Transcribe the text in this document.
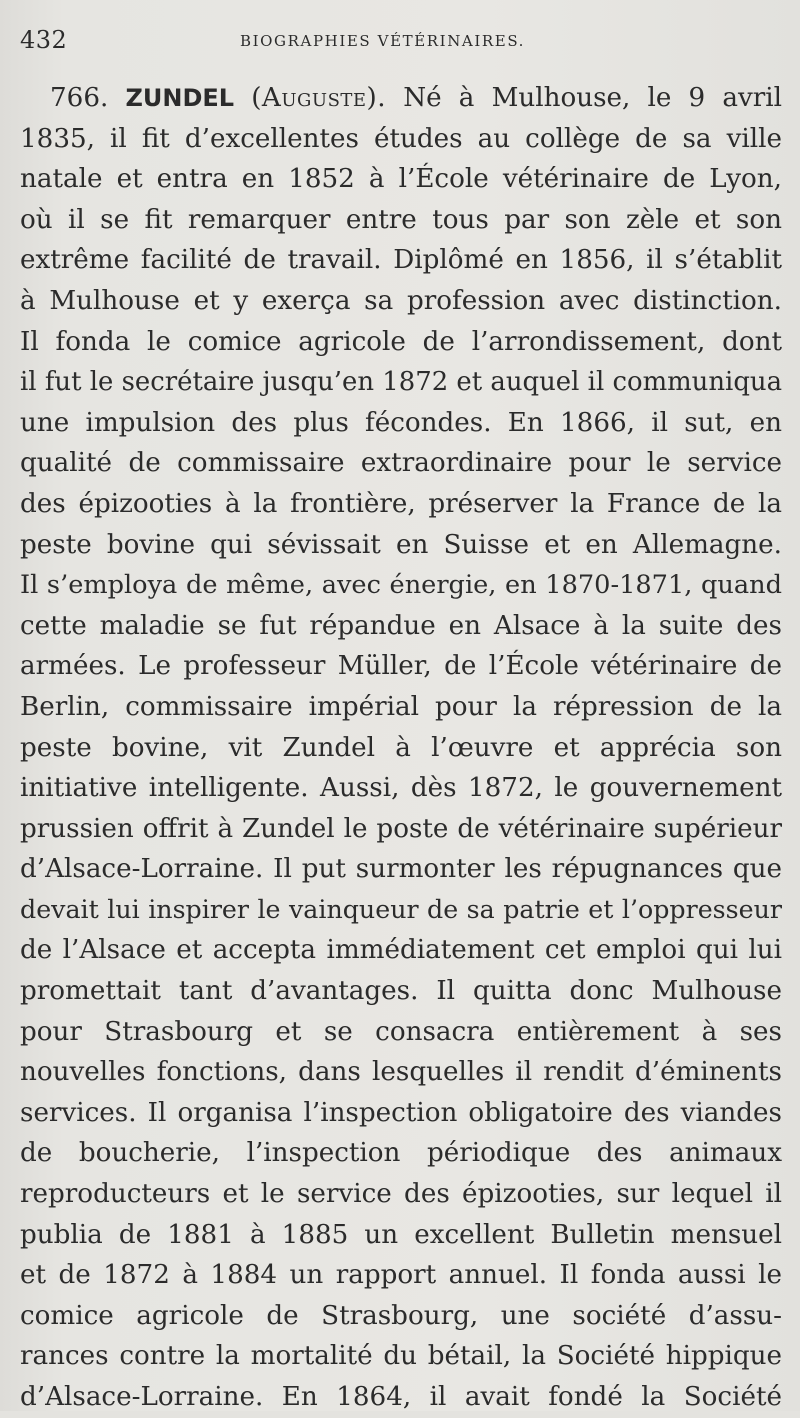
432	BIOGRAPHIES VÉTÉRINAIRES.
766. ZUNDEL (Auguste). Né à Mulhouse, le 9 avril
1835, il fit d’excellentes études au collège de sa ville
natale et entra en 1852 à l’École vétérinaire de Lyon,
où il se fit remarquer entre tous par son zèle et son
extrême facilité de travail. Diplômé en 1856, il s’établit
à Mulhouse et y exerça sa profession avec distinction.
Il fonda le comice agricole de l’arrondissement, dont
il fut le secrétaire jusqu’en 1872 et auquel il communiqua
une impulsion des plus fécondes. En 1866, il sut, en
qualité de commissaire extraordinaire pour le service
des épizooties à la frontière, préserver la France de la
peste bovine qui sévissait en Suisse et en Allemagne.
Il s’employa de même, avec énergie, en 1870-1871, quand
cette maladie se fut répandue en Alsace à la suite des
armées. Le professeur Müller, de l’École vétérinaire de
Berlin, commissaire impérial pour la répression de la
peste bovine, vit Zundel à l’œuvre et apprécia son
initiative intelligente. Aussi, dès 1872, le gouvernement
prussien offrit à Zundel le poste de vétérinaire supérieur
d’Alsace-Lorraine. Il put surmonter les répugnances que
devait lui inspirer le vainqueur de sa patrie et l’oppresseur
de l’Alsace et accepta immédiatement cet emploi qui lui
promettait tant d’avantages. Il quitta donc Mulhouse
pour Strasbourg et se consacra entièrement à ses
nouvelles fonctions, dans lesquelles il rendit d’éminents
services. Il organisa l’inspection obligatoire des viandes
de boucherie, l’inspection périodique des animaux
reproducteurs et le service des épizooties, sur lequel il
publia de 1881 à 1885 un excellent Bulletin mensuel
et de 1872 à 1884 un rapport annuel. Il fonda aussi le
comice agricole de Strasbourg, une société d’assu-
rances contre la mortalité du bétail, la Société hippique
d’Alsace-Lorraine. En 1864, il avait fondé la Société
